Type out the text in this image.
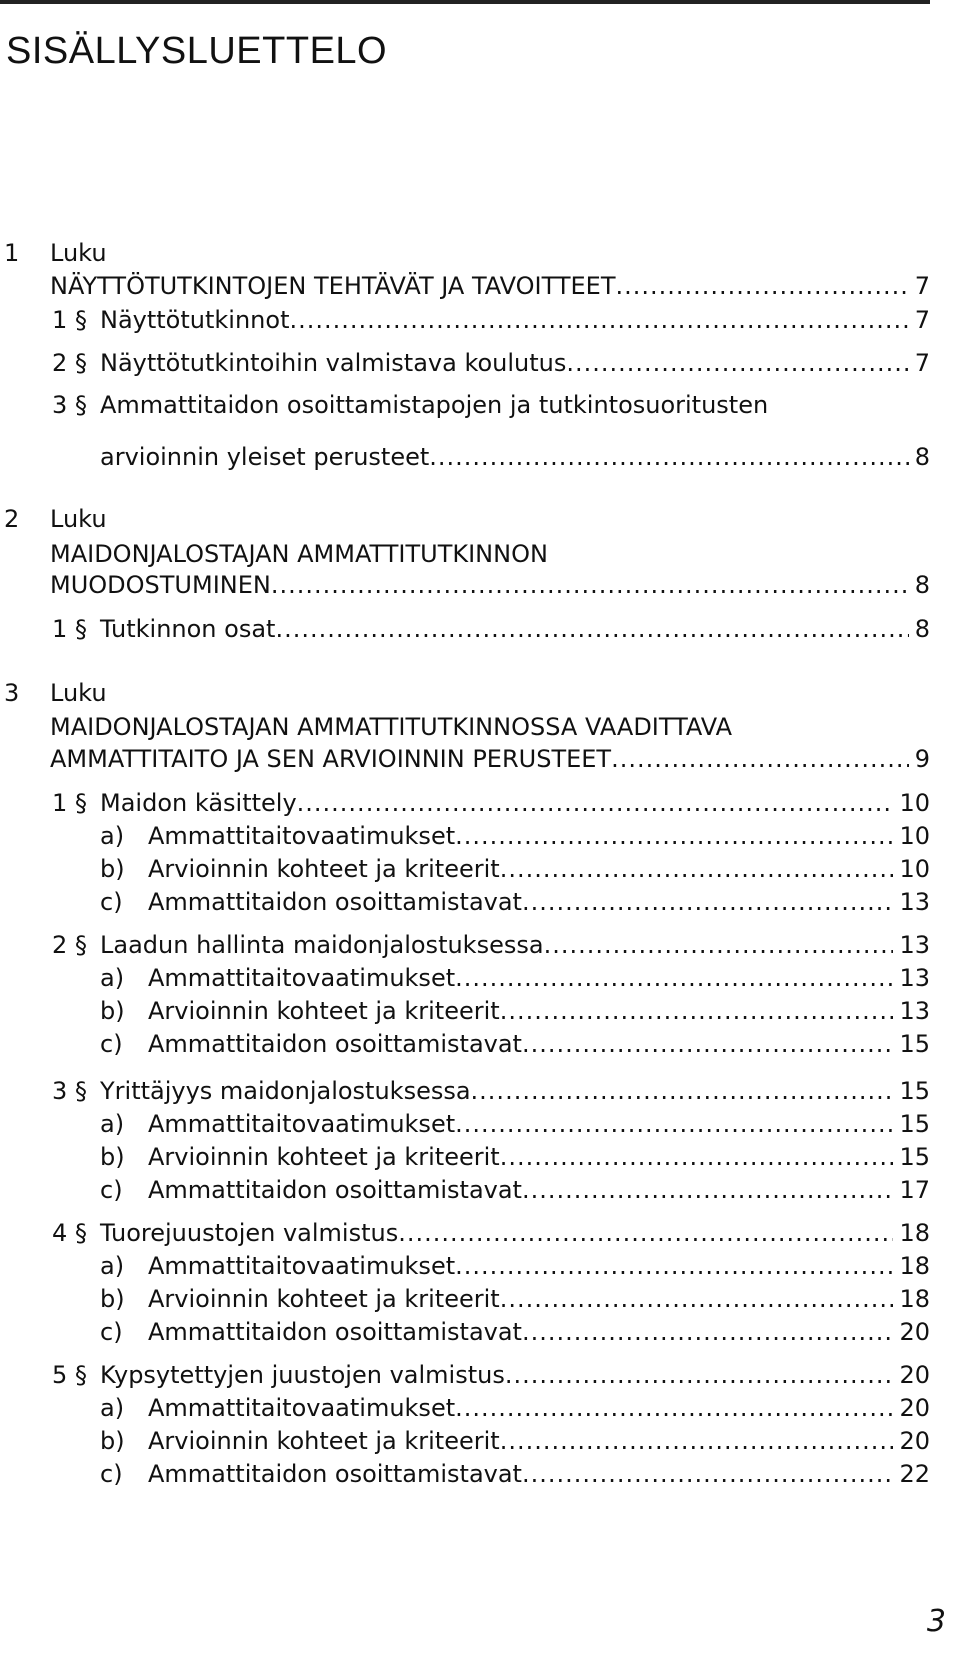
SISÄLLYSLUETTELO
1 Luku
NÄYTTÖTUTKINTOJEN TEHTÄVÄT JA TAVOITTEET .....	7
1 § Näyttötutkinnot .....	7
2 § Näyttötutkintoihin valmistava koulutus .....	7
3 § Ammattitaidon osoittamistapojen ja tutkintosuoritusten
arvioinnin yleiset perusteet .....	8
2 Luku
MAIDONJALOSTAJAN AMMATTITUTKINNON
MUODOSTUMINEN .....	8
1 § Tutkinnon osat .....	8
3 Luku
MAIDONJALOSTAJAN AMMATTITUTKINNOSSA VAADITTAVA
AMMATTITAITO JA SEN ARVIOINNIN PERUSTEET .....	9
1 § Maidon käsittely .....	10
a) Ammattitaitovaatimukset .....	10
b) Arvioinnin kohteet ja kriteerit .....	10
c) Ammattitaidon osoittamistavat .....	13
2 § Laadun hallinta maidonjalostuksessa .....	13
a) Ammattitaitovaatimukset .....	13
b) Arvioinnin kohteet ja kriteerit .....	13
c) Ammattitaidon osoittamistavat .....	15
3 § Yrittäjyys maidonjalostuksessa .....	15
a) Ammattitaitovaatimukset .....	15
b) Arvioinnin kohteet ja kriteerit .....	15
c) Ammattitaidon osoittamistavat .....	17
4 § Tuorejuustojen valmistus .....	18
a) Ammattitaitovaatimukset .....	18
b) Arvioinnin kohteet ja kriteerit .....	18
c) Ammattitaidon osoittamistavat .....	20
5 § Kypsytettyjen juustojen valmistus .....	20
a) Ammattitaitovaatimukset .....	20
b) Arvioinnin kohteet ja kriteerit .....	20
c) Ammattitaidon osoittamistavat .....	22
3
